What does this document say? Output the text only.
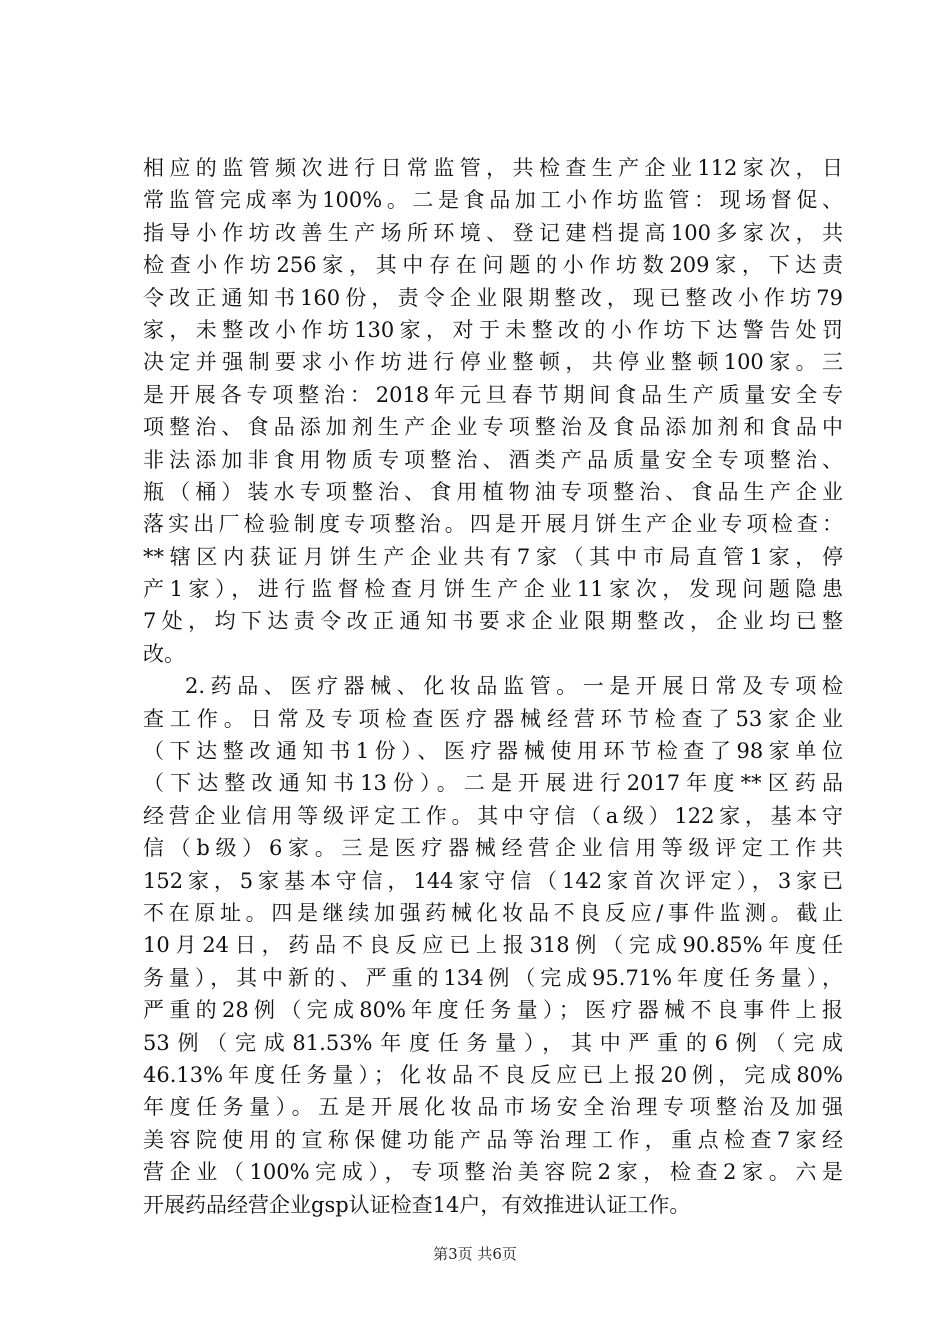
相应的监管频次进行日常监管，共检查生产企业112家次，日
常监管完成率为100%。二是食品加工小作坊监管：现场督促、
指导小作坊改善生产场所环境、登记建档提高100多家次，共
检查小作坊256家，其中存在问题的小作坊数209家，下达责
令改正通知书160份，责令企业限期整改，现已整改小作坊79
家，未整改小作坊130家，对于未整改的小作坊下达警告处罚
决定并强制要求小作坊进行停业整顿，共停业整顿100家。三
是开展各专项整治：2018年元旦春节期间食品生产质量安全专
项整治、食品添加剂生产企业专项整治及食品添加剂和食品中
非法添加非食用物质专项整治、酒类产品质量安全专项整治、
瓶（桶）装水专项整治、食用植物油专项整治、食品生产企业
落实出厂检验制度专项整治。四是开展月饼生产企业专项检查：
**辖区内获证月饼生产企业共有7家（其中市局直管1家，停
产1家），进行监督检查月饼生产企业11家次，发现问题隐患
7处，均下达责令改正通知书要求企业限期整改，企业均已整
改。
2.药品、医疗器械、化妆品监管。一是开展日常及专项检
查工作。日常及专项检查医疗器械经营环节检查了53家企业
（下达整改通知书1份）、医疗器械使用环节检查了98家单位
（下达整改通知书13份）。二是开展进行2017年度**区药品
经营企业信用等级评定工作。其中守信（a级）122家，基本守
信（b级）6家。三是医疗器械经营企业信用等级评定工作共
152家，5家基本守信，144家守信（142家首次评定），3家已
不在原址。四是继续加强药械化妆品不良反应/事件监测。截止
10月24日，药品不良反应已上报318例（完成90.85%年度任
务量），其中新的、严重的134例（完成95.71%年度任务量），
严重的28例（完成80%年度任务量）；医疗器械不良事件上报
53例（完成81.53%年度任务量），其中严重的6例（完成
46.13%年度任务量）；化妆品不良反应已上报20例，完成80%
年度任务量）。五是开展化妆品市场安全治理专项整治及加强
美容院使用的宣称保健功能产品等治理工作，重点检查7家经
营企业（100%完成），专项整治美容院2家，检查2家。六是
开展药品经营企业gsp认证检查14户，有效推进认证工作。
第3页 共6页
